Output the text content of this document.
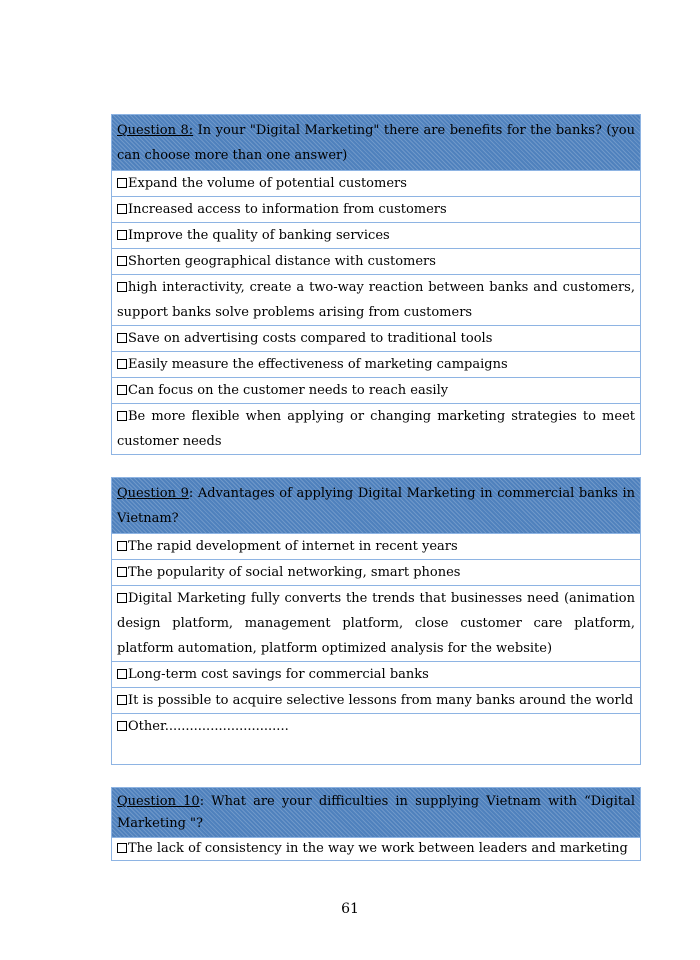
Question 8: In your "Digital Marketing" there are benefits for the banks? (you can choose more than one answer)
Expand the volume of potential customers
Increased access to information from customers
Improve the quality of banking services
Shorten geographical distance with customers
high interactivity, create a two-way reaction between banks and customers, support banks solve problems arising from customers
Save on advertising costs compared to traditional tools
Easily measure the effectiveness of marketing campaigns
Can focus on the customer needs to reach easily
Be more flexible when applying or changing marketing strategies to meet customer needs
Question 9: Advantages of applying Digital Marketing in commercial banks in Vietnam?
The rapid development of internet in recent years
The popularity of social networking, smart phones
Digital Marketing fully converts the trends that businesses need (animation design platform, management platform, close customer care platform, platform automation, platform optimized analysis for the website)
Long-term cost savings for commercial banks
It is possible to acquire selective lessons from many banks around the world
Other..............................
Question 10: What are your difficulties in supplying Vietnam with “Digital Marketing "?
The lack of consistency in the way we work between leaders and marketing
61
